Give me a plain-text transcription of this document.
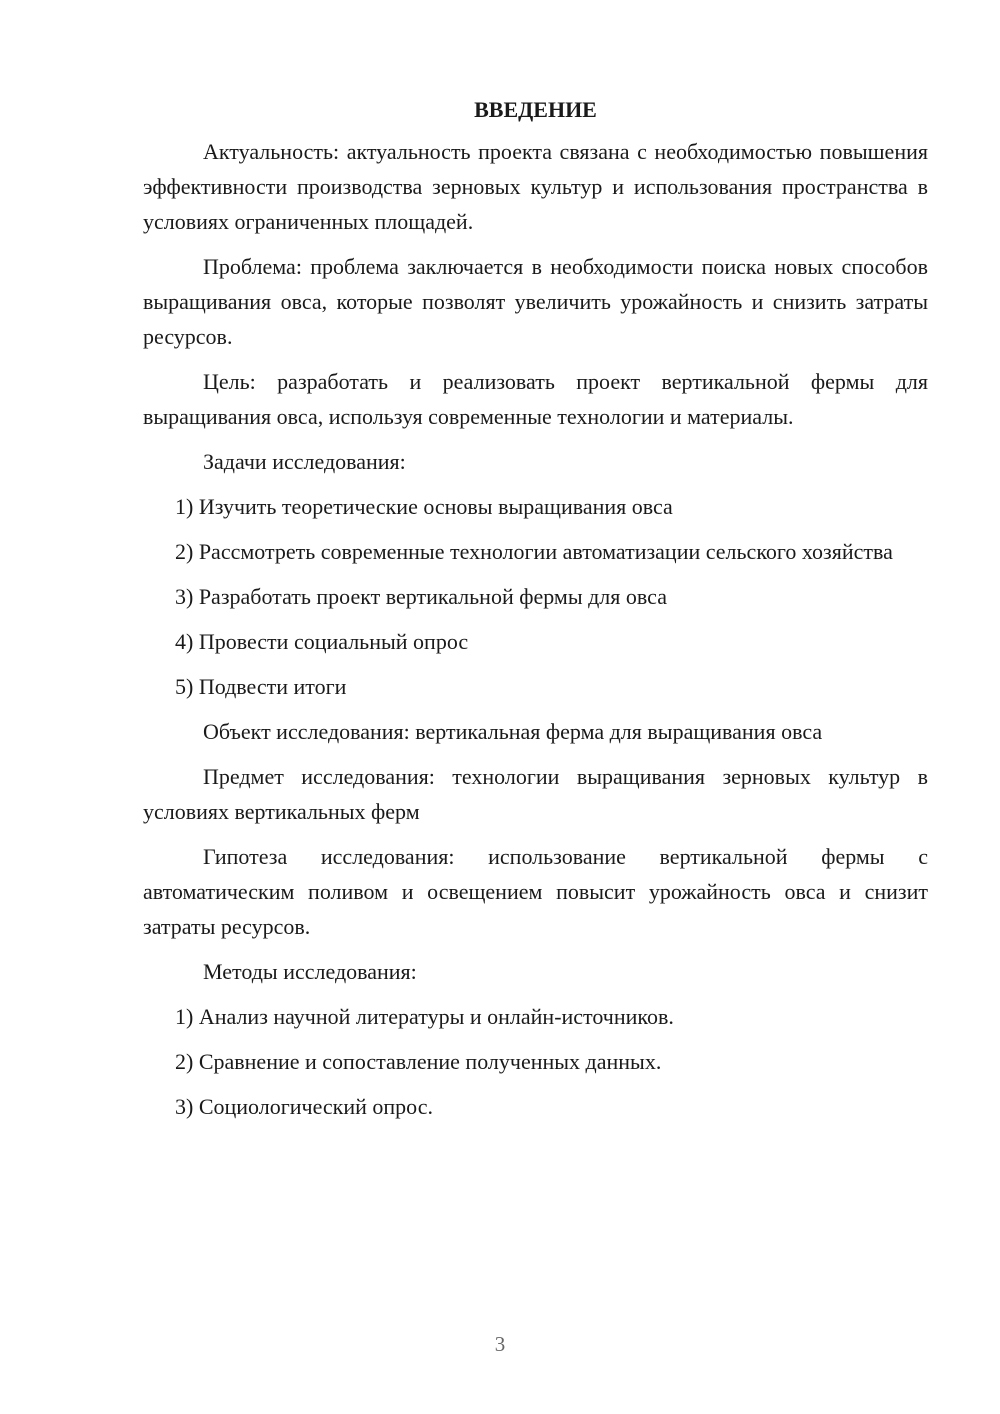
ВВЕДЕНИЕ

Актуальность: актуальность проекта связана с необходимостью повышения эффективности производства зерновых культур и использования пространства в условиях ограниченных площадей.

Проблема: проблема заключается в необходимости поиска новых способов выращивания овса, которые позволят увеличить урожайность и снизить затраты ресурсов.

Цель: разработать и реализовать проект вертикальной фермы для выращивания овса, используя современные технологии и материалы.

Задачи исследования:

1) Изучить теоретические основы выращивания овса

2) Рассмотреть современные технологии автоматизации сельского хозяйства

3) Разработать проект вертикальной фермы для овса

4) Провести социальный опрос

5) Подвести итоги

Объект исследования: вертикальная ферма для выращивания овса

Предмет исследования: технологии выращивания зерновых культур в условиях вертикальных ферм

Гипотеза исследования: использование вертикальной фермы с автоматическим поливом и освещением повысит урожайность овса и снизит затраты ресурсов.

Методы исследования:

1) Анализ научной литературы и онлайн-источников.

2) Сравнение и сопоставление полученных данных.

3) Социологический опрос.

3
